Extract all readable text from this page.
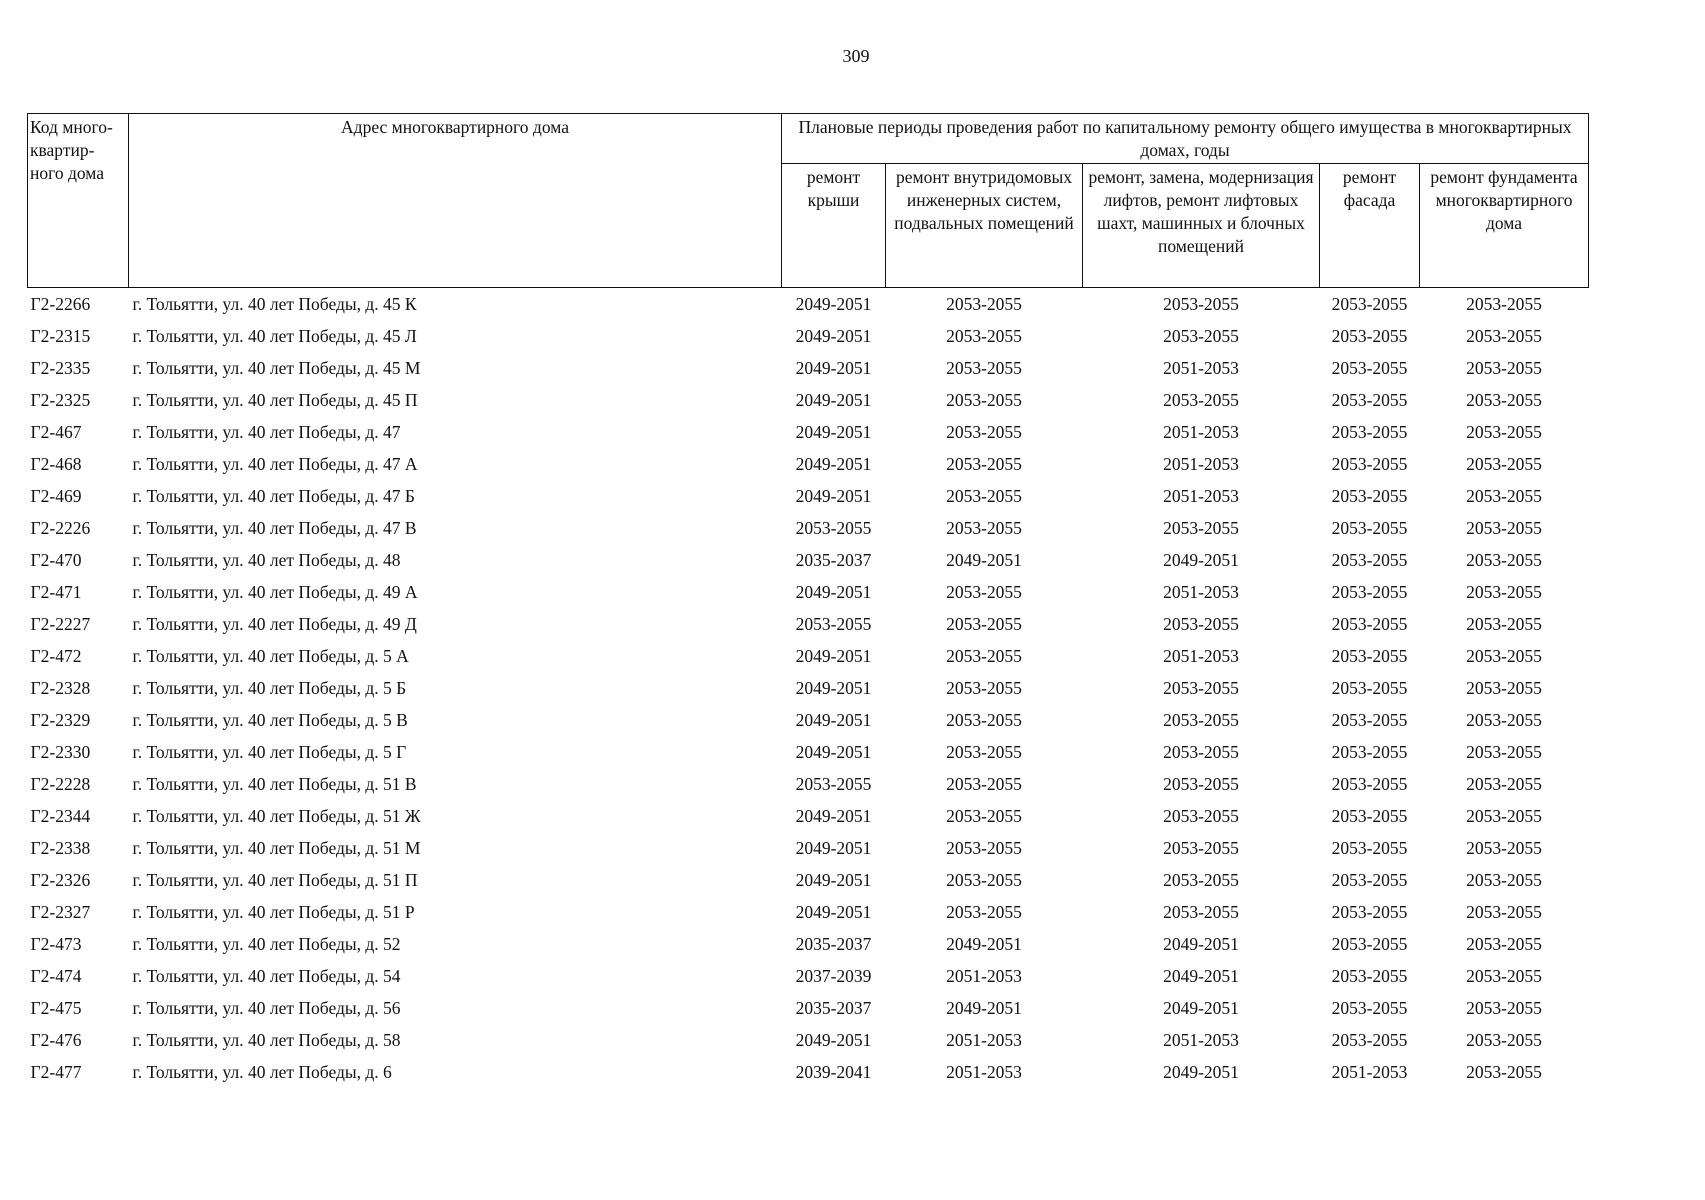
309
Код много-квартир-ного дома	Адрес многоквартирного дома	Плановые периоды проведения работ по капитальному ремонту общего имущества в многоквартирных домах, годы				
		ремонт крыши	ремонт внутридомовых инженерных систем, подвальных помещений	ремонт, замена, модернизация лифтов, ремонт лифтовых шахт, машинных и блочных помещений	ремонт фасада	ремонт фундамента многоквартирного дома
Г2-2266	г. Тольятти, ул. 40 лет Победы, д. 45 К	2049-2051	2053-2055	2053-2055	2053-2055	2053-2055
Г2-2315	г. Тольятти, ул. 40 лет Победы, д. 45 Л	2049-2051	2053-2055	2053-2055	2053-2055	2053-2055
Г2-2335	г. Тольятти, ул. 40 лет Победы, д. 45 М	2049-2051	2053-2055	2051-2053	2053-2055	2053-2055
Г2-2325	г. Тольятти, ул. 40 лет Победы, д. 45 П	2049-2051	2053-2055	2053-2055	2053-2055	2053-2055
Г2-467	г. Тольятти, ул. 40 лет Победы, д. 47	2049-2051	2053-2055	2051-2053	2053-2055	2053-2055
Г2-468	г. Тольятти, ул. 40 лет Победы, д. 47 А	2049-2051	2053-2055	2051-2053	2053-2055	2053-2055
Г2-469	г. Тольятти, ул. 40 лет Победы, д. 47 Б	2049-2051	2053-2055	2051-2053	2053-2055	2053-2055
Г2-2226	г. Тольятти, ул. 40 лет Победы, д. 47 В	2053-2055	2053-2055	2053-2055	2053-2055	2053-2055
Г2-470	г. Тольятти, ул. 40 лет Победы, д. 48	2035-2037	2049-2051	2049-2051	2053-2055	2053-2055
Г2-471	г. Тольятти, ул. 40 лет Победы, д. 49 А	2049-2051	2053-2055	2051-2053	2053-2055	2053-2055
Г2-2227	г. Тольятти, ул. 40 лет Победы, д. 49 Д	2053-2055	2053-2055	2053-2055	2053-2055	2053-2055
Г2-472	г. Тольятти, ул. 40 лет Победы, д. 5 А	2049-2051	2053-2055	2051-2053	2053-2055	2053-2055
Г2-2328	г. Тольятти, ул. 40 лет Победы, д. 5 Б	2049-2051	2053-2055	2053-2055	2053-2055	2053-2055
Г2-2329	г. Тольятти, ул. 40 лет Победы, д. 5 В	2049-2051	2053-2055	2053-2055	2053-2055	2053-2055
Г2-2330	г. Тольятти, ул. 40 лет Победы, д. 5 Г	2049-2051	2053-2055	2053-2055	2053-2055	2053-2055
Г2-2228	г. Тольятти, ул. 40 лет Победы, д. 51 В	2053-2055	2053-2055	2053-2055	2053-2055	2053-2055
Г2-2344	г. Тольятти, ул. 40 лет Победы, д. 51 Ж	2049-2051	2053-2055	2053-2055	2053-2055	2053-2055
Г2-2338	г. Тольятти, ул. 40 лет Победы, д. 51 М	2049-2051	2053-2055	2053-2055	2053-2055	2053-2055
Г2-2326	г. Тольятти, ул. 40 лет Победы, д. 51 П	2049-2051	2053-2055	2053-2055	2053-2055	2053-2055
Г2-2327	г. Тольятти, ул. 40 лет Победы, д. 51 Р	2049-2051	2053-2055	2053-2055	2053-2055	2053-2055
Г2-473	г. Тольятти, ул. 40 лет Победы, д. 52	2035-2037	2049-2051	2049-2051	2053-2055	2053-2055
Г2-474	г. Тольятти, ул. 40 лет Победы, д. 54	2037-2039	2051-2053	2049-2051	2053-2055	2053-2055
Г2-475	г. Тольятти, ул. 40 лет Победы, д. 56	2035-2037	2049-2051	2049-2051	2053-2055	2053-2055
Г2-476	г. Тольятти, ул. 40 лет Победы, д. 58	2049-2051	2051-2053	2051-2053	2053-2055	2053-2055
Г2-477	г. Тольятти, ул. 40 лет Победы, д. 6	2039-2041	2051-2053	2049-2051	2051-2053	2053-2055
